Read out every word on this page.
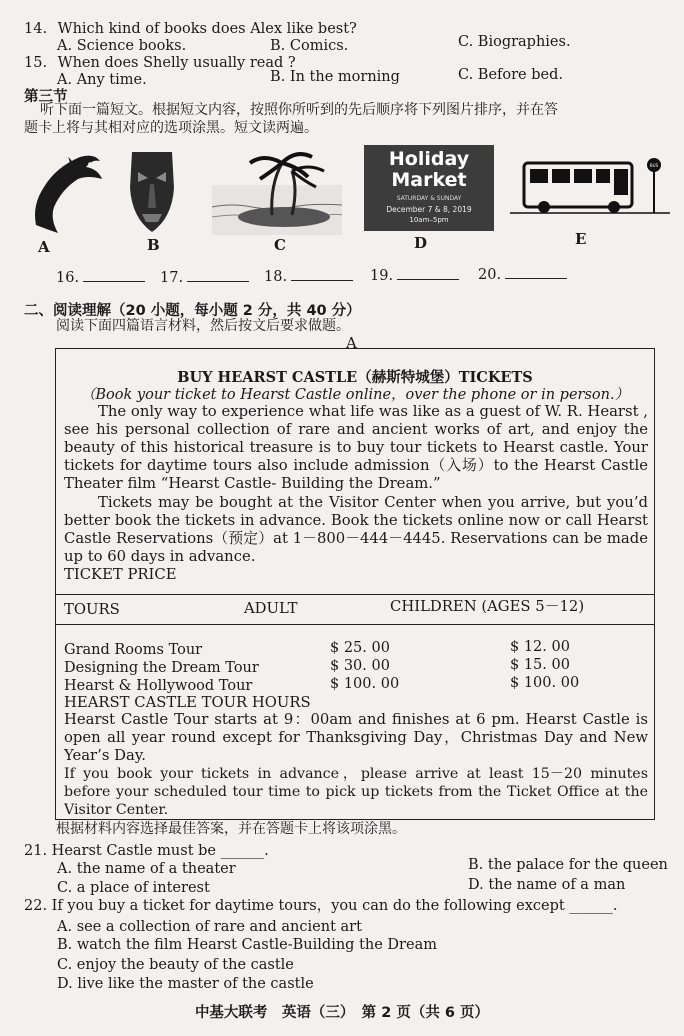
14. Which kind of books does Alex like best?
A. Science books.	B. Comics.	C. Biographies.
15. When does Shelly usually read ?
A. Any time.	B. In the morning	C. Before bed.
第三节
听下面一篇短文。根据短文内容，按照你所听到的先后顺序将下列图片排序，并在答
题卡上将与其相对应的选项涂黑。短文读两遍。
A	B	C
Holiday
Market
SATURDAY & SUNDAY
December 7 & 8, 2019
10am–5pm
D
BUS
E
16.	17.	18.	19.	20.
二、阅读理解（20 小题，每小题 2 分，共 40 分）
阅读下面四篇语言材料，然后按文后要求做题。
A
BUY HEARST CASTLE（赫斯特城堡）TICKETS
（Book your ticket to Hearst Castle online，over the phone or in person.）
The only way to experience what life was like as a guest of W. R. Hearst , see his personal collection of rare and ancient works of art, and enjoy the beauty of this historical treasure is to buy tour tickets to Hearst castle. Your tickets for daytime tours also include admission（入场）to the Hearst Castle Theater film “Hearst Castle- Building the Dream.”
Tickets may be bought at the Visitor Center when you arrive, but you’d better book the tickets in advance. Book the tickets online now or call Hearst Castle Reservations（预定）at 1－800－444－4445. Reservations can be made up to 60 days in advance.
TICKET PRICE
TOURS	ADULT	CHILDREN (AGES 5－12)
Grand Rooms Tour	$ 25. 00	$ 12. 00
Designing the Dream Tour	$ 30. 00	$ 15. 00
Hearst & Hollywood Tour	$ 100. 00	$ 100. 00
HEARST CASTLE TOUR HOURS
Hearst Castle Tour starts at 9：00am and finishes at 6 pm. Hearst Castle is open all year round except for Thanksgiving Day，Christmas Day and New Year’s Day.
If you book your tickets in advance，please arrive at least 15－20 minutes before your scheduled tour time to pick up tickets from the Ticket Office at the Visitor Center.
根据材料内容选择最佳答案，并在答题卡上将该项涂黑。
21. Hearst Castle must be ______.
A. the name of a theater	B. the palace for the queen
C. a place of interest	D. the name of a man
22. If you buy a ticket for daytime tours，you can do the following except ______.
A. see a collection of rare and ancient art
B. watch the film Hearst Castle-Building the Dream
C. enjoy the beauty of the castle
D. live like the master of the castle
中基大联考　英语（三）　第 2 页（共 6 页）
